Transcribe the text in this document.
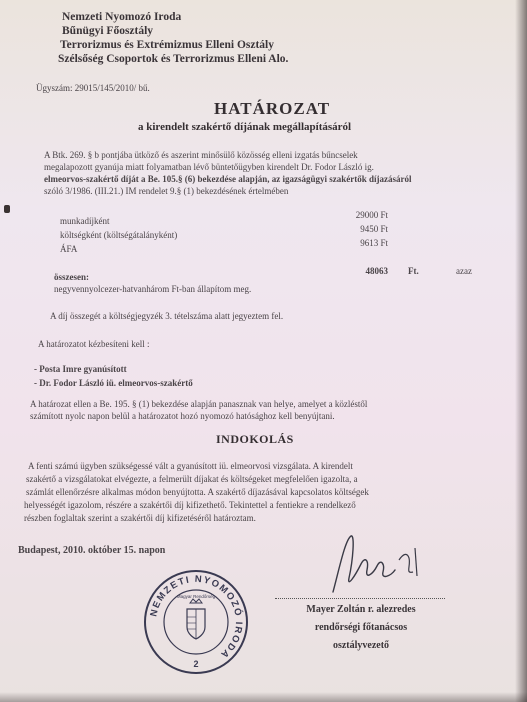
Nemzeti Nyomozó Iroda
Bűnügyi Főosztály
Terrorizmus és Extrémizmus Elleni Osztály
Szélsőség Csoportok és Terrorizmus Elleni Alo.
Ügyszám: 29015/145/2010/ bű.
HATÁROZAT
a kirendelt szakértő díjának megállapításáról
A Btk. 269. § b pontjába ütköző és aszerint minősülő közösség elleni izgatás bűncselek
megalapozott gyanúja miatt folyamatban lévő büntetőügyben kirendelt Dr. Fodor László ig.
elmeorvos-szakértő díját a Be. 105.§ (6) bekezdése alapján, az igazságügyi szakértők díjazásáról
szóló 3/1986. (III.21.) IM rendelet 9.§ (1) bekezdésének értelmében
munkadíjként
29000 Ft
költségként (költségátalányként)
9450 Ft
ÁFA
9613 Ft
összesen:
48063 Ft.	azaz
negyvennyolcezer-hatvanhárom Ft-ban állapítom meg.
A díj összegét a költségjegyzék 3. tételszáma alatt jegyeztem fel.
A határozatot kézbesíteni kell :
- Posta Imre gyanúsított
- Dr. Fodor László iü. elmeorvos-szakértő
A határozat ellen a Be. 195. § (1) bekezdése alapján panasznak van helye, amelyet a közléstől
számított nyolc napon belül a határozatot hozó nyomozó hatósághoz kell benyújtani.
INDOKOLÁS
A fenti számú ügyben szükségessé vált a gyanúsított iü. elmeorvosi vizsgálata. A kirendelt
szakértő a vizsgálatokat elvégezte, a felmerült díjakat és költségeket megfelelően igazolta, a
számlát ellenőrzésre alkalmas módon benyújtotta. A szakértő díjazásával kapcsolatos költségek
helyességét igazolom, részére a szakértői díj kifizethető. Tekintettel a fentiekre a rendelkező
részben foglaltak szerint a szakértői díj kifizetéséről határoztam.
Budapest, 2010. október 15. napon
Mayer Zoltán r. alezredes
rendőrségi főtanácsos
osztályvezető
NEMZETI NYOMOZÓ IRODA
Magyar Rendőrség
2
